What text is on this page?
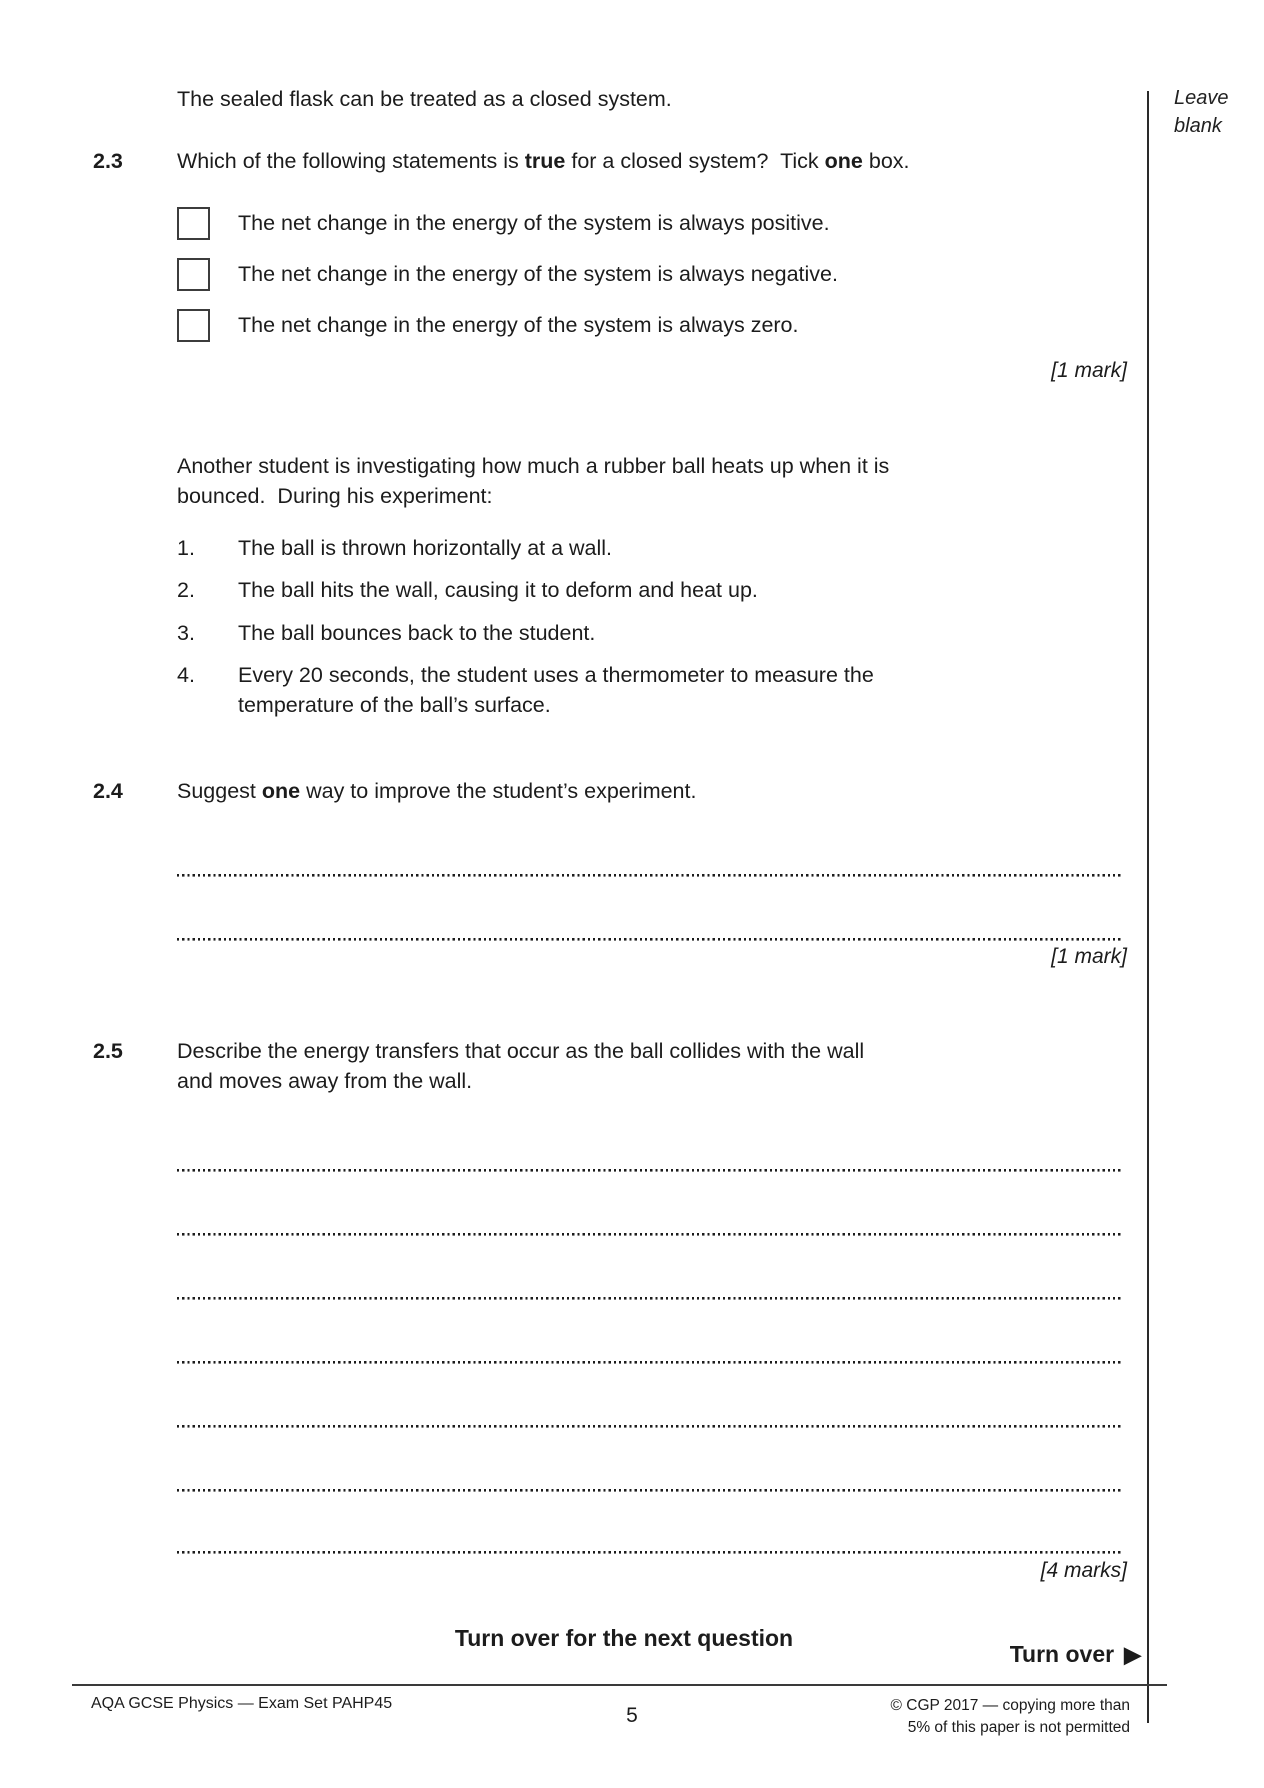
Leave
blank
The sealed flask can be treated as a closed system.
2.3	Which of the following statements is true for a closed system?  Tick one box.
The net change in the energy of the system is always positive.
The net change in the energy of the system is always negative.
The net change in the energy of the system is always zero.
[1 mark]
Another student is investigating how much a rubber ball heats up when it is
bounced.  During his experiment:
1.	The ball is thrown horizontally at a wall.
2.	The ball hits the wall, causing it to deform and heat up.
3.	The ball bounces back to the student.
4.	Every 20 seconds, the student uses a thermometer to measure the
temperature of the ball’s surface.
2.4	Suggest one way to improve the student’s experiment.
[1 mark]
2.5	Describe the energy transfers that occur as the ball collides with the wall
and moves away from the wall.
[4 marks]
Turn over for the next question
Turn over ▶
AQA GCSE Physics — Exam Set PAHP45
5	© CGP 2017 — copying more than
5% of this paper is not permitted
